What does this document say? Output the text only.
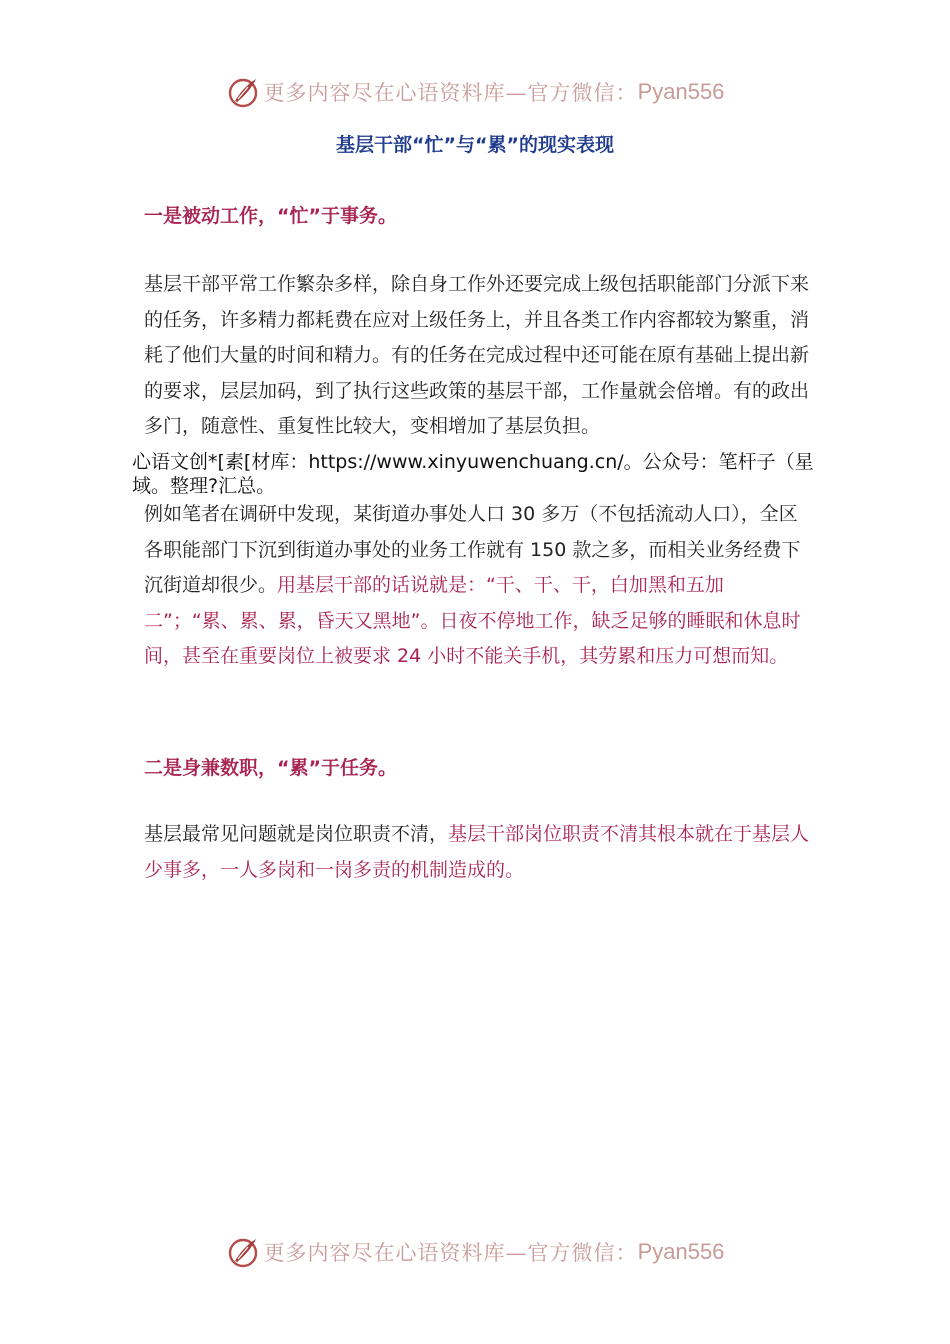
更多内容尽在心语资料库—官方微信： Pyan556
基层干部“忙”与“累”的现实表现
一是被动工作，“忙”于事务。

基层干部平常工作繁杂多样，除自身工作外还要完成上级包括职能部门分派下来的任务，许多精力都耗费在应对上级任务上，并且各类工作内容都较为繁重，消耗了他们大量的时间和精力。有的任务在完成过程中还可能在原有基础上提出新的要求，层层加码，到了执行这些政策的基层干部，工作量就会倍增。有的政出多门，随意性、重复性比较大，变相增加了基层负担。

心语文创*[素[材库：https://www.xinyuwenchuang.cn/。公众号：笔杆子（星域。整理?汇总。

例如笔者在调研中发现，某街道办事处人口 30 多万（不包括流动人口），全区各职能部门下沉到街道办事处的业务工作就有 150 款之多，而相关业务经费下沉街道却很少。用基层干部的话说就是：“干、干、干，白加黑和五加二”；“累、累、累，昏天又黑地”。日夜不停地工作，缺乏足够的睡眠和休息时间，甚至在重要岗位上被要求 24 小时不能关手机，其劳累和压力可想而知。

二是身兼数职，“累”于任务。

基层最常见问题就是岗位职责不清，基层干部岗位职责不清其根本就在于基层人少事多，一人多岗和一岗多责的机制造成的。

更多内容尽在心语资料库—官方微信： Pyan556
